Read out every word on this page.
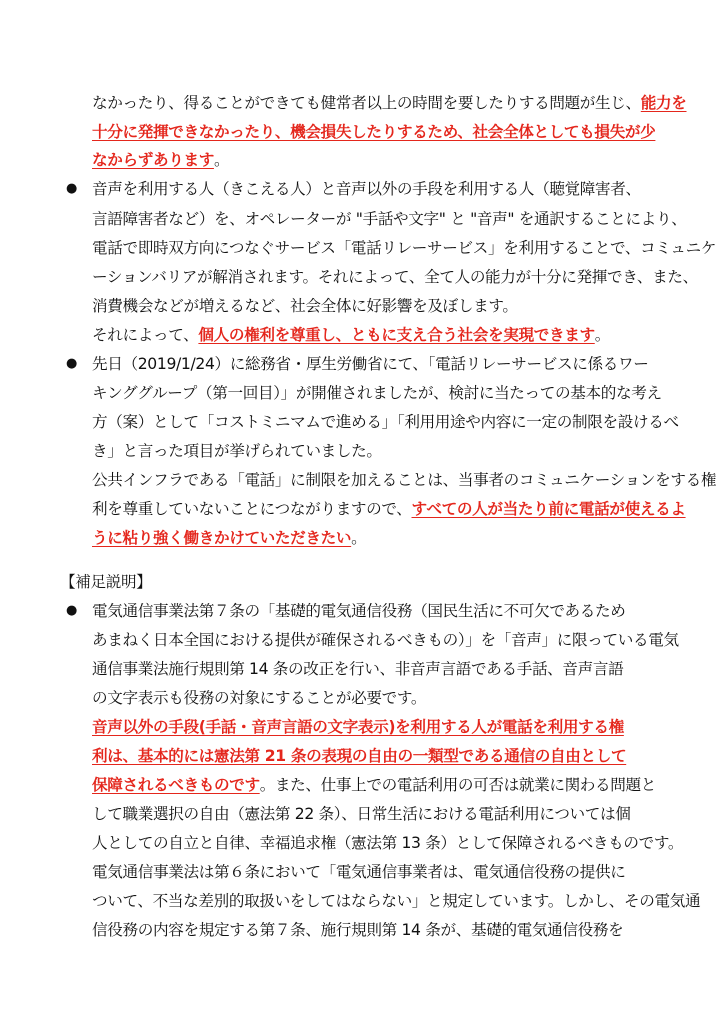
なかったり、得ることができても健常者以上の時間を要したりする問題が生じ、能力を
十分に発揮できなかったり、機会損失したりするため、社会全体としても損失が少
なからずあります。
● 音声を利用する人（きこえる人）と音声以外の手段を利用する人（聴覚障害者、
言語障害者など）を、オペレーターが "手話や文字" と "音声" を通訳することにより、
電話で即時双方向につなぐサービス「電話リレーサービス」を利用することで、コミュニケ
ーションバリアが解消されます。それによって、全て人の能力が十分に発揮でき、また、
消費機会などが増えるなど、社会全体に好影響を及ぼします。
それによって、個人の権利を尊重し、ともに支え合う社会を実現できます。
● 先日（2019/1/24）に総務省・厚生労働省にて、「電話リレーサービスに係るワー
キンググループ（第一回目）」が開催されましたが、検討に当たっての基本的な考え
方（案）として「コストミニマムで進める」「利用用途や内容に一定の制限を設けるべ
き」と言った項目が挙げられていました。
公共インフラである「電話」に制限を加えることは、当事者のコミュニケーションをする権
利を尊重していないことにつながりますので、すべての人が当たり前に電話が使えるよ
うに粘り強く働きかけていただきたい。
【補足説明】
● 電気通信事業法第７条の「基礎的電気通信役務（国民生活に不可欠であるため
あまねく日本全国における提供が確保されるべきもの）」を「音声」に限っている電気
通信事業法施行規則第 14 条の改正を行い、非音声言語である手話、音声言語
の文字表示も役務の対象にすることが必要です。
音声以外の手段(手話・音声言語の文字表示)を利用する人が電話を利用する権
利は、基本的には憲法第 21 条の表現の自由の一類型である通信の自由として
保障されるべきものです。また、仕事上での電話利用の可否は就業に関わる問題と
して職業選択の自由（憲法第 22 条）、日常生活における電話利用については個
人としての自立と自律、幸福追求権（憲法第 13 条）として保障されるべきものです。
電気通信事業法は第６条において「電気通信事業者は、電気通信役務の提供に
ついて、不当な差別的取扱いをしてはならない」と規定しています。しかし、その電気通
信役務の内容を規定する第７条、施行規則第 14 条が、基礎的電気通信役務を
